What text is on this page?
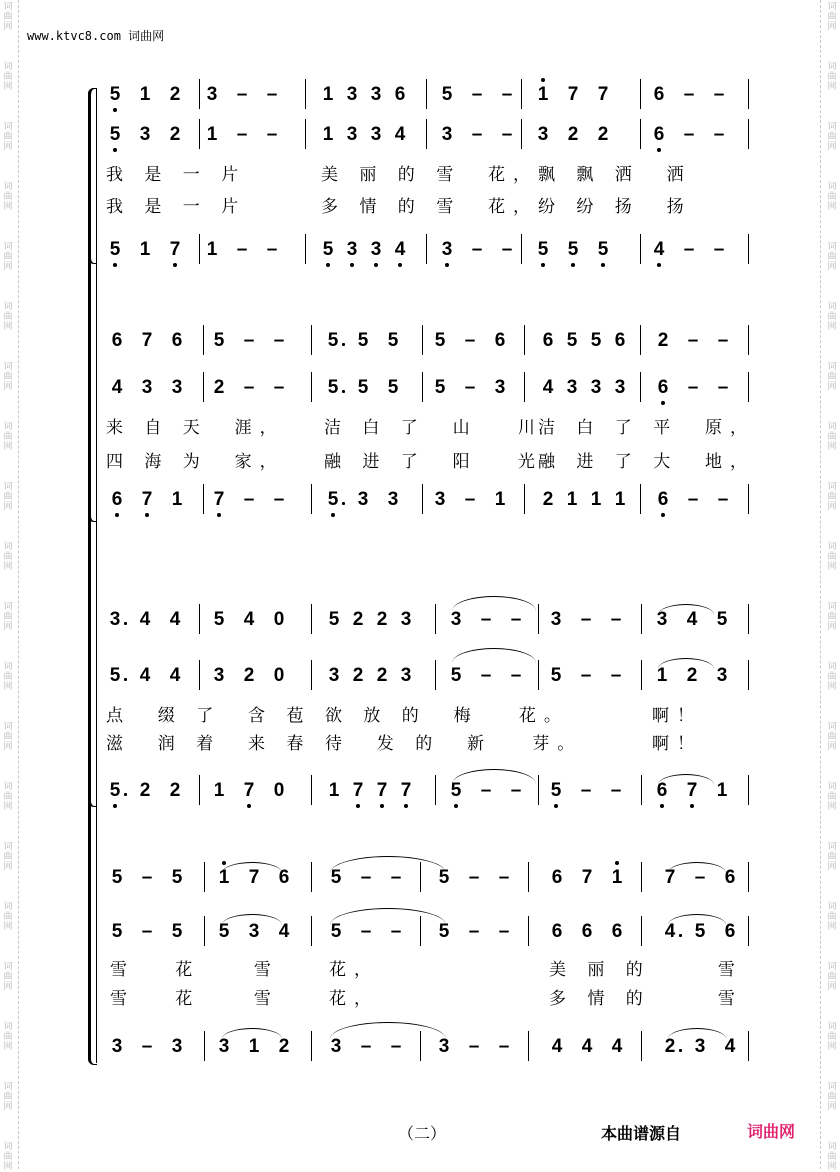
词
曲
网
词
曲
网
词
曲
网
词
曲
网
词
曲
网
词
曲
网
词
曲
网
词
曲
网
词
曲
网
词
曲
网
词
曲
网
词
曲
网
词
曲
网
词
曲
网
词
曲
网
词
曲
网
词
曲
网
词
曲
网
词
曲
网
词
曲
网
词
曲
网
词
曲
网
词
曲
网
词
曲
网
词
曲
网
词
曲
网
词
曲
网
词
曲
网
词
曲
网
词
曲
网
词
曲
网
词
曲
网
词
曲
网
词
曲
网
词
曲
网
词
曲
网
词
曲
网
词
曲
网
词
曲
网
词
曲
网
www.ktvc8.com 词曲网
5 1 2 3 – – 1 3 3 6 5 – – 1 7 7 6 – –
5 3 2 1 – – 1 3 3 4 3 – – 3 2 2 6 – –
5 1 7 1 – – 5 3 3 4 3 – – 5 5 5 4 – –
我 是 一 片	美 丽 的 雪  花， 飘 飘 洒  洒
我 是 一 片	多 情 的 雪  花， 纷 纷 扬  扬
6 7 6 5 – – 5 5 5 5 – 6 6 5 5 6 2 – –
4 3 3 2 – – 5 5 5 5 – 3 4 3 3 3 6 – –
6 7 1 7 – – 5 3 3 3 – 1 2 1 1 1 6 – –
来 自 天  涯， 洁 白 了  山   川
洁 白 了 平  原，
四 海 为  家， 融 进 了  阳   光
融 进 了 大  地，
3 4 4 5 4 0 5 2 2 3 3 – – 3 – – 3 4 5
5 4 4 3 2 0 3 2 2 3 5 – – 5 – – 1 2 3
5 2 2 1 7 0 1 7 7 7 5 – – 5 – – 6 7 1
点  缀 了  含 苞 欲 放 的  梅   花。	啊！
滋  润 着  来 春 待  发 的  新   芽。	啊！
5 – 5 1 7 6 5 – – 5 – – 6 7 1 7 – 6
5 – 5 5 3 4 5 – – 5 – – 6 6 6 4 5 6
3 – 3 3 1 2 3 – – 3 – – 4 4 4 2 3 4
雪   花    雪	花，	美 丽 的     雪
雪   花    雪	花，	多 情 的     雪
（二）	本曲谱源自	词曲网
